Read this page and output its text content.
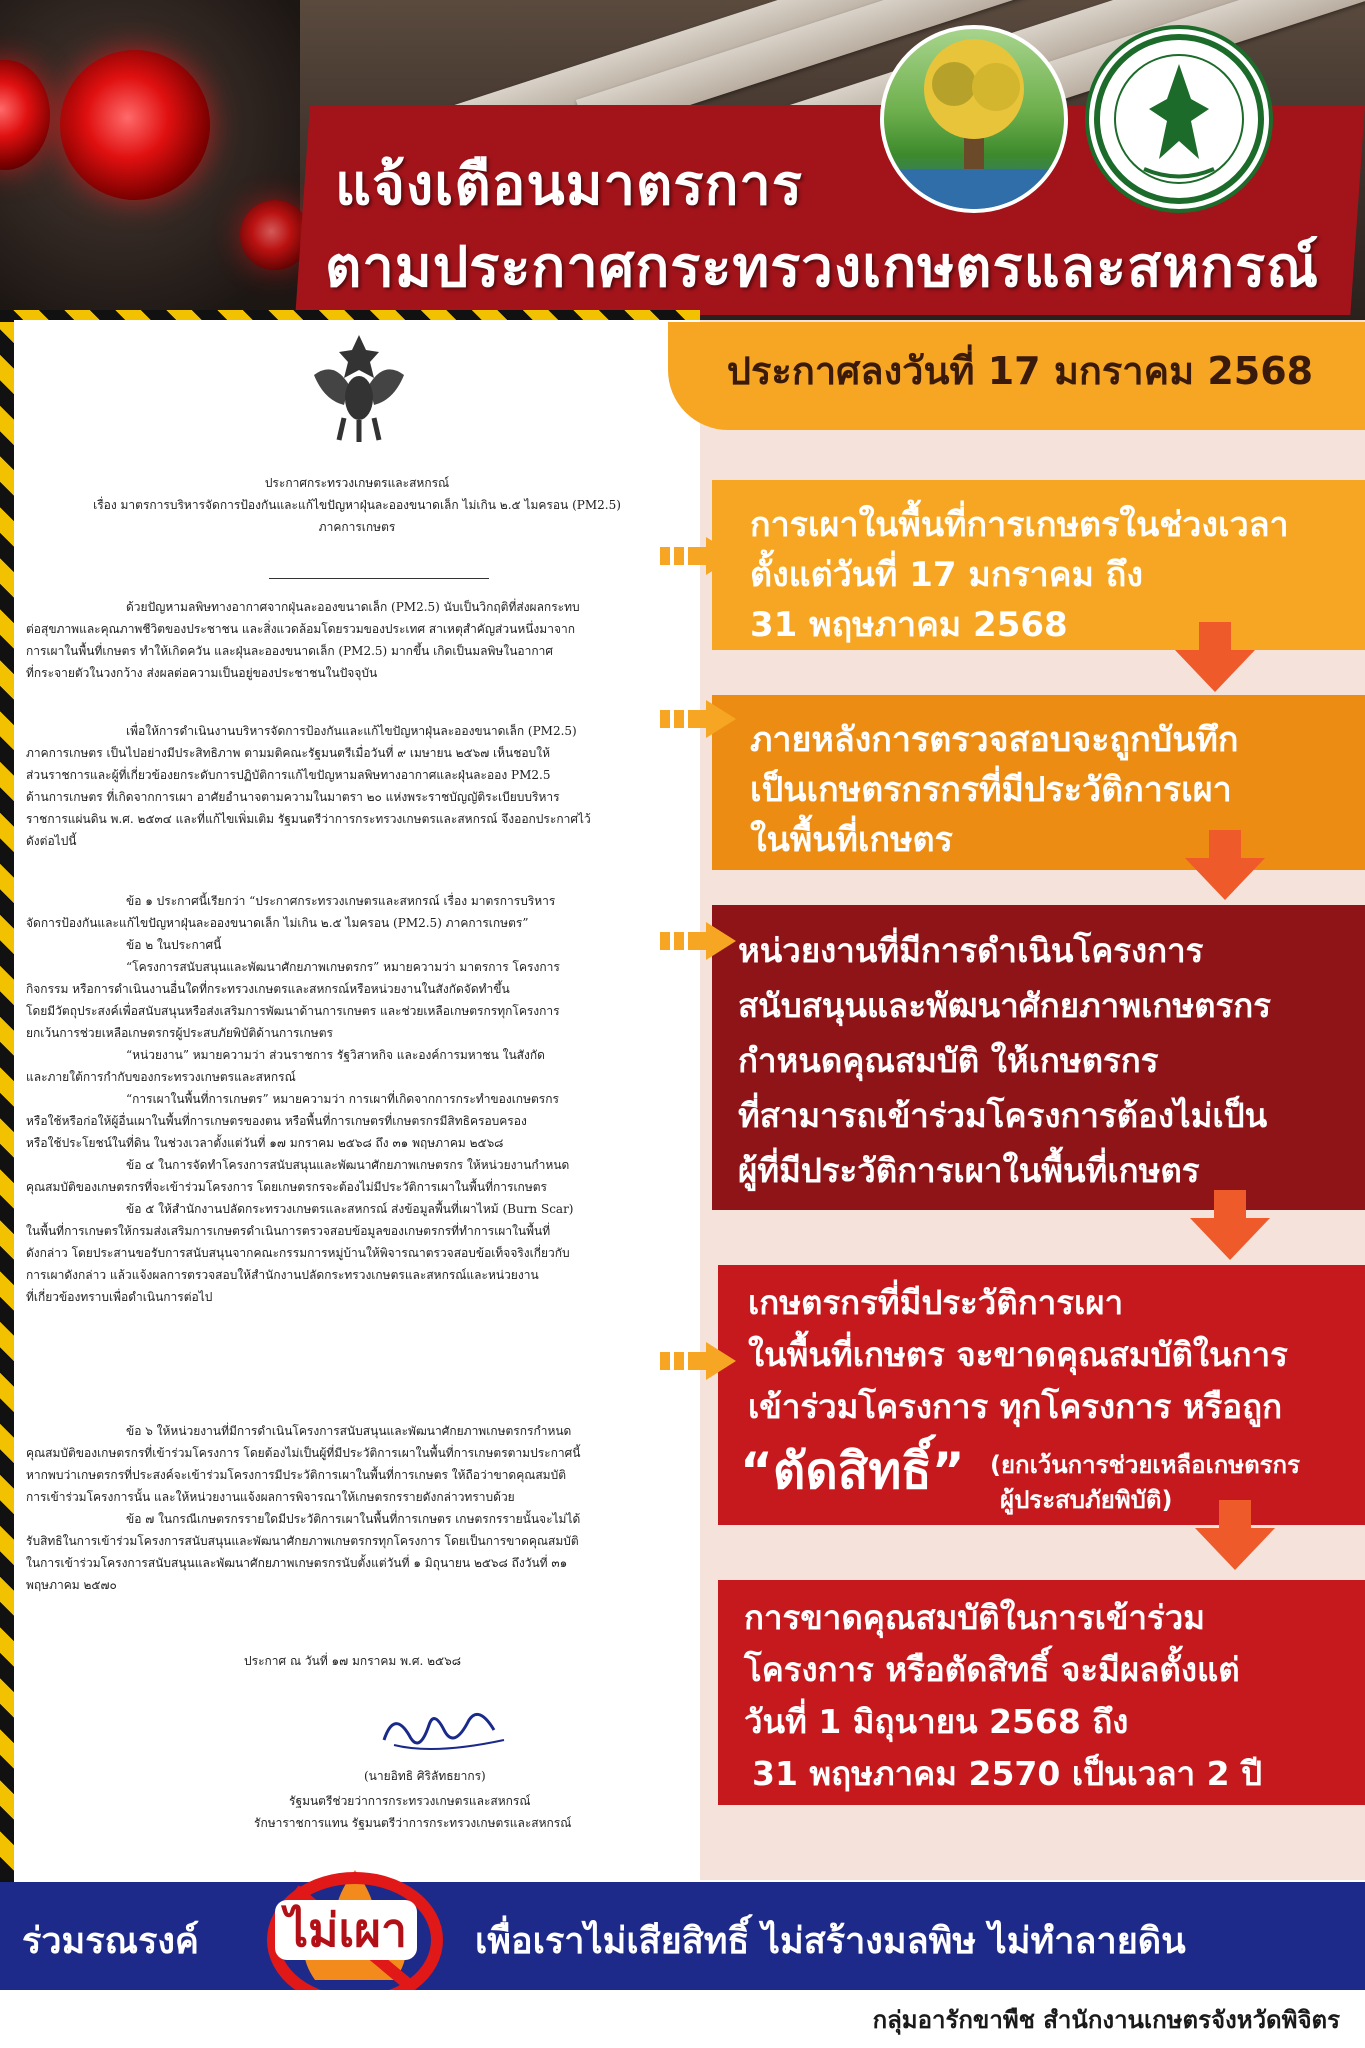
แจ้งเตือนมาตรการ
ตามประกาศกระทรวงเกษตรและสหกรณ์
ประกาศกระทรวงเกษตรและสหกรณ์
เรื่อง มาตรการบริหารจัดการป้องกันและแก้ไขปัญหาฝุ่นละอองขนาดเล็ก ไม่เกิน ๒.๕ ไมครอน (PM2.5)
ภาคการเกษตร
ด้วยปัญหามลพิษทางอากาศจากฝุ่นละอองขนาดเล็ก (PM2.5) นับเป็นวิกฤติที่ส่งผลกระทบ
ต่อสุขภาพและคุณภาพชีวิตของประชาชน และสิ่งแวดล้อมโดยรวมของประเทศ สาเหตุสำคัญส่วนหนึ่งมาจาก
การเผาในพื้นที่เกษตร ทำให้เกิดควัน และฝุ่นละอองขนาดเล็ก (PM2.5) มากขึ้น เกิดเป็นมลพิษในอากาศ
ที่กระจายตัวในวงกว้าง ส่งผลต่อความเป็นอยู่ของประชาชนในปัจจุบัน
เพื่อให้การดำเนินงานบริหารจัดการป้องกันและแก้ไขปัญหาฝุ่นละอองขนาดเล็ก (PM2.5)
ภาคการเกษตร เป็นไปอย่างมีประสิทธิภาพ ตามมติคณะรัฐมนตรีเมื่อวันที่ ๙ เมษายน ๒๕๖๗ เห็นชอบให้
ส่วนราชการและผู้ที่เกี่ยวข้องยกระดับการปฏิบัติการแก้ไขปัญหามลพิษทางอากาศและฝุ่นละออง PM2.5
ด้านการเกษตร ที่เกิดจากการเผา อาศัยอำนาจตามความในมาตรา ๒๐ แห่งพระราชบัญญัติระเบียบบริหาร
ราชการแผ่นดิน พ.ศ. ๒๕๓๔ และที่แก้ไขเพิ่มเติม รัฐมนตรีว่าการกระทรวงเกษตรและสหกรณ์ จึงออกประกาศไว้
ดังต่อไปนี้
ข้อ ๑ ประกาศนี้เรียกว่า “ประกาศกระทรวงเกษตรและสหกรณ์ เรื่อง มาตรการบริหาร
จัดการป้องกันและแก้ไขปัญหาฝุ่นละอองขนาดเล็ก ไม่เกิน ๒.๕ ไมครอน (PM2.5) ภาคการเกษตร”
ข้อ ๒ ในประกาศนี้
“โครงการสนับสนุนและพัฒนาศักยภาพเกษตรกร” หมายความว่า มาตรการ โครงการ
กิจกรรม หรือการดำเนินงานอื่นใดที่กระทรวงเกษตรและสหกรณ์หรือหน่วยงานในสังกัดจัดทำขึ้น
โดยมีวัตถุประสงค์เพื่อสนับสนุนหรือส่งเสริมการพัฒนาด้านการเกษตร และช่วยเหลือเกษตรกรทุกโครงการ
ยกเว้นการช่วยเหลือเกษตรกรผู้ประสบภัยพิบัติด้านการเกษตร
“หน่วยงาน” หมายความว่า ส่วนราชการ รัฐวิสาหกิจ และองค์การมหาชน ในสังกัด
และภายใต้การกำกับของกระทรวงเกษตรและสหกรณ์
“การเผาในพื้นที่การเกษตร” หมายความว่า การเผาที่เกิดจากการกระทำของเกษตรกร
หรือใช้หรือก่อให้ผู้อื่นเผาในพื้นที่การเกษตรของตน หรือพื้นที่การเกษตรที่เกษตรกรมีสิทธิครอบครอง
หรือใช้ประโยชน์ในที่ดิน ในช่วงเวลาตั้งแต่วันที่ ๑๗ มกราคม ๒๕๖๘ ถึง ๓๑ พฤษภาคม ๒๕๖๘
ข้อ ๔ ในการจัดทำโครงการสนับสนุนและพัฒนาศักยภาพเกษตรกร ให้หน่วยงานกำหนด
คุณสมบัติของเกษตรกรที่จะเข้าร่วมโครงการ โดยเกษตรกรจะต้องไม่มีประวัติการเผาในพื้นที่การเกษตร
ข้อ ๕ ให้สำนักงานปลัดกระทรวงเกษตรและสหกรณ์ ส่งข้อมูลพื้นที่เผาไหม้ (Burn Scar)
ในพื้นที่การเกษตรให้กรมส่งเสริมการเกษตรดำเนินการตรวจสอบข้อมูลของเกษตรกรที่ทำการเผาในพื้นที่
ดังกล่าว โดยประสานขอรับการสนับสนุนจากคณะกรรมการหมู่บ้านให้พิจารณาตรวจสอบข้อเท็จจริงเกี่ยวกับ
การเผาดังกล่าว แล้วแจ้งผลการตรวจสอบให้สำนักงานปลัดกระทรวงเกษตรและสหกรณ์และหน่วยงาน
ที่เกี่ยวข้องทราบเพื่อดำเนินการต่อไป
ข้อ ๖ ให้หน่วยงานที่มีการดำเนินโครงการสนับสนุนและพัฒนาศักยภาพเกษตรกรกำหนด
คุณสมบัติของเกษตรกรที่เข้าร่วมโครงการ โดยต้องไม่เป็นผู้ที่มีประวัติการเผาในพื้นที่การเกษตรตามประกาศนี้
หากพบว่าเกษตรกรที่ประสงค์จะเข้าร่วมโครงการมีประวัติการเผาในพื้นที่การเกษตร ให้ถือว่าขาดคุณสมบัติ
การเข้าร่วมโครงการนั้น และให้หน่วยงานแจ้งผลการพิจารณาให้เกษตรกรรายดังกล่าวทราบด้วย
ข้อ ๗ ในกรณีเกษตรกรรายใดมีประวัติการเผาในพื้นที่การเกษตร เกษตรกรรายนั้นจะไม่ได้
รับสิทธิในการเข้าร่วมโครงการสนับสนุนและพัฒนาศักยภาพเกษตรกรทุกโครงการ โดยเป็นการขาดคุณสมบัติ
ในการเข้าร่วมโครงการสนับสนุนและพัฒนาศักยภาพเกษตรกรนับตั้งแต่วันที่ ๑ มิถุนายน ๒๕๖๘ ถึงวันที่ ๓๑
พฤษภาคม ๒๕๗๐
ประกาศ ณ วันที่ ๑๗ มกราคม พ.ศ. ๒๕๖๘
(นายอิทธิ ศิริลัทธยากร)
รัฐมนตรีช่วยว่าการกระทรวงเกษตรและสหกรณ์
รักษาราชการแทน รัฐมนตรีว่าการกระทรวงเกษตรและสหกรณ์
ประกาศลงวันที่ 17 มกราคม 2568
การเผาในพื้นที่การเกษตรในช่วงเวลา
ตั้งแต่วันที่ 17 มกราคม ถึง
31 พฤษภาคม 2568
ภายหลังการตรวจสอบจะถูกบันทึก
เป็นเกษตรกรกรที่มีประวัติการเผา
ในพื้นที่เกษตร
หน่วยงานที่มีการดำเนินโครงการ
สนับสนุนและพัฒนาศักยภาพเกษตรกร
กำหนดคุณสมบัติ ให้เกษตรกร
ที่สามารถเข้าร่วมโครงการต้องไม่เป็น
ผู้ที่มีประวัติการเผาในพื้นที่เกษตร
เกษตรกรที่มีประวัติการเผา
ในพื้นที่เกษตร จะขาดคุณสมบัติในการ
เข้าร่วมโครงการ ทุกโครงการ หรือถูก
“ตัดสิทธิ์” (ยกเว้นการช่วยเหลือเกษตรกร
ผู้ประสบภัยพิบัติ)
การขาดคุณสมบัติในการเข้าร่วม
โครงการ หรือตัดสิทธิ์ จะมีผลตั้งแต่
วันที่ 1 มิถุนายน 2568 ถึง
31 พฤษภาคม 2570 เป็นเวลา 2 ปี
ร่วมรณรงค์ ไม่เผา เพื่อเราไม่เสียสิทธิ์ ไม่สร้างมลพิษ ไม่ทำลายดิน
กลุ่มอารักขาพืช สำนักงานเกษตรจังหวัดพิจิตร
